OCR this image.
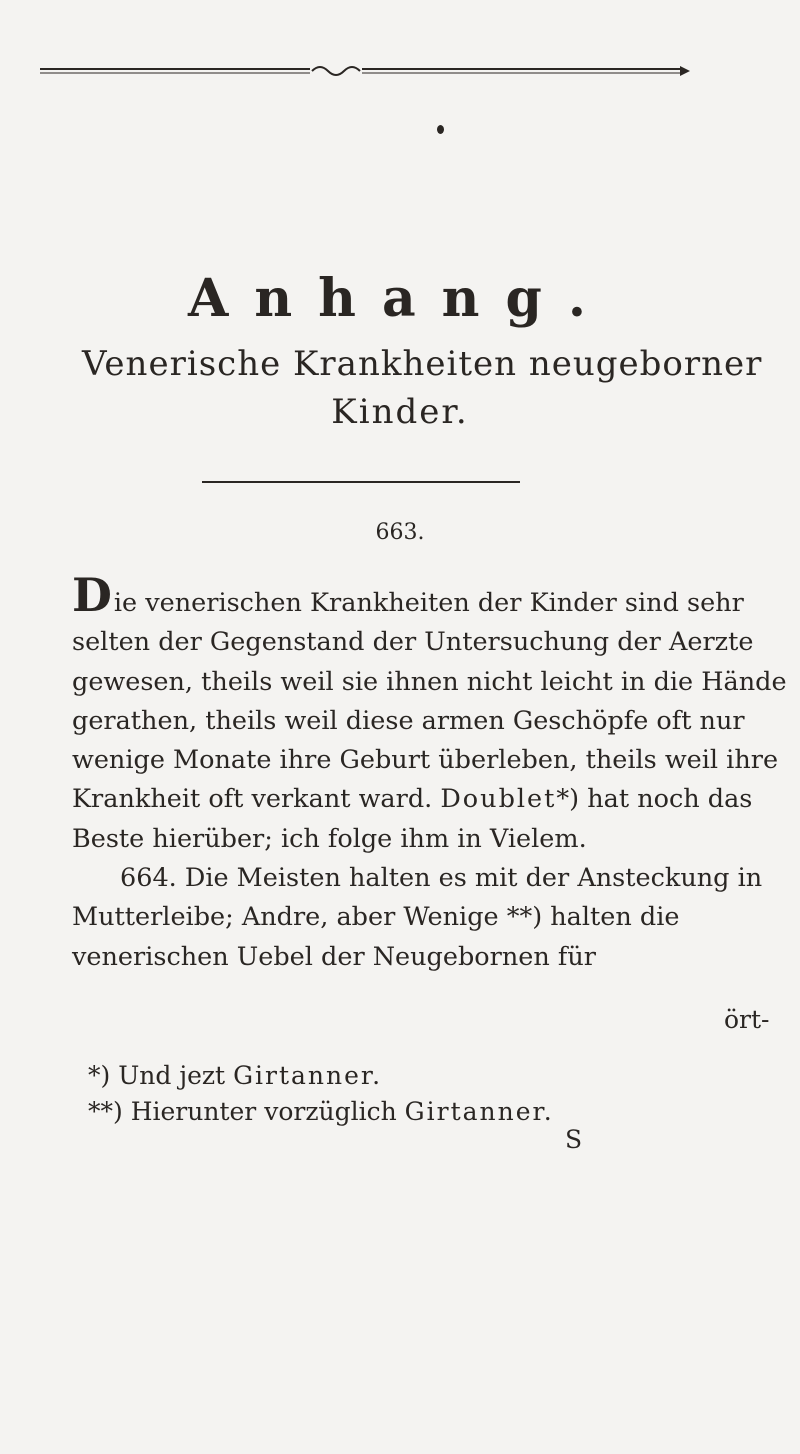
Anhang.
Venerische Krankheiten neugeborner
Kinder.
663.

Die venerischen Krankheiten der Kinder sind sehr selten der Gegenstand der Untersuchung der Aerzte gewesen, theils weil sie ihnen nicht leicht in die Hände gerathen, theils weil diese armen Geschöpfe oft nur wenige Monate ihre Geburt überleben, theils weil ihre Krankheit oft verkant ward. Doublet*) hat noch das Beste hierüber; ich folge ihm in Vielem.

664. Die Meisten halten es mit der Ansteckung in Mutterleibe; Andre, aber Wenige **) halten die venerischen Uebel der Neugebornen für

ört-
*) Und jezt Girtanner.
**) Hierunter vorzüglich Girtanner.
S
